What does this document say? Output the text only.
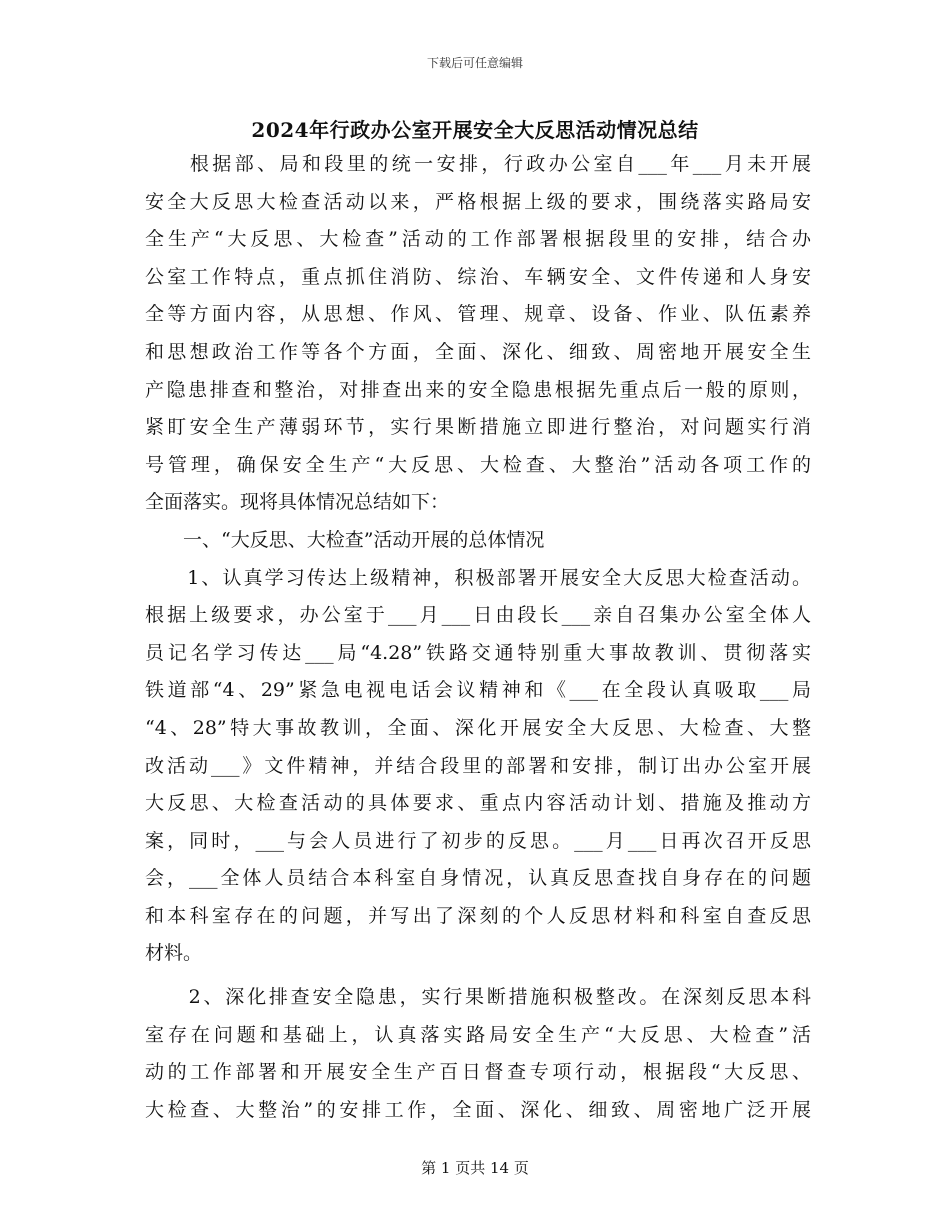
下载后可任意编辑
2024年行政办公室开展安全大反思活动情况总结
　　根据部、局和段里的统一安排，行政办公室自___年___月未开展
安全大反思大检查活动以来，严格根据上级的要求，围绕落实路局安
全生产“大反思、大检查”活动的工作部署根据段里的安排，结合办
公室工作特点，重点抓住消防、综治、车辆安全、文件传递和人身安
全等方面内容，从思想、作风、管理、规章、设备、作业、队伍素养
和思想政治工作等各个方面，全面、深化、细致、周密地开展安全生
产隐患排查和整治，对排查出来的安全隐患根据先重点后一般的原则，
紧盯安全生产薄弱环节，实行果断措施立即进行整治，对问题实行消
号管理，确保安全生产“大反思、大检查、大整治”活动各项工作的
全面落实。现将具体情况总结如下：
　　一、“大反思、大检查”活动开展的总体情况
　　1、认真学习传达上级精神，积极部署开展安全大反思大检查活动。
根据上级要求，办公室于___月___日由段长___亲自召集办公室全体人
员记名学习传达___局“4.28”铁路交通特别重大事故教训、贯彻落实
铁道部“4、29”紧急电视电话会议精神和《___在全段认真吸取___局
“4、28”特大事故教训，全面、深化开展安全大反思、大检查、大整
改活动___》文件精神，并结合段里的部署和安排，制订出办公室开展
大反思、大检查活动的具体要求、重点内容活动计划、措施及推动方
案，同时，___与会人员进行了初步的反思。___月___日再次召开反思
会，___全体人员结合本科室自身情况，认真反思查找自身存在的问题
和本科室存在的问题，并写出了深刻的个人反思材料和科室自查反思
材料。
　　2、深化排查安全隐患，实行果断措施积极整改。在深刻反思本科
室存在问题和基础上，认真落实路局安全生产“大反思、大检查”活
动的工作部署和开展安全生产百日督查专项行动，根据段“大反思、
大检查、大整治”的安排工作，全面、深化、细致、周密地广泛开展
第 1 页共 14 页
